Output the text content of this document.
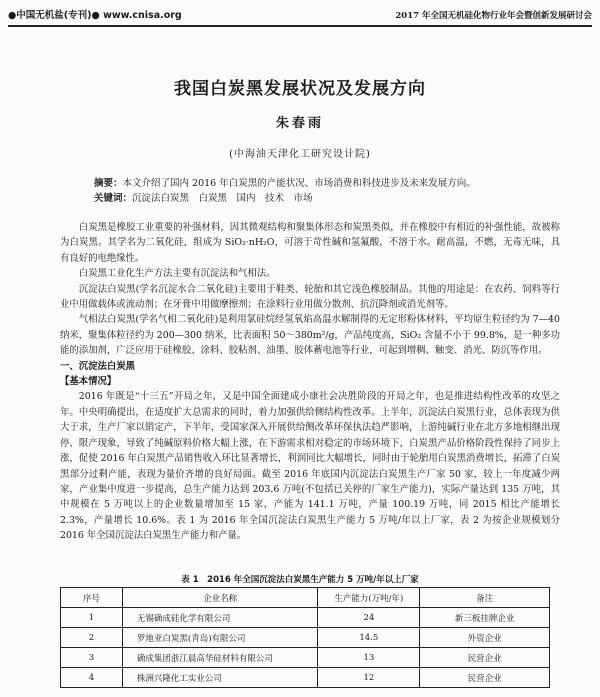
●中国无机盐(专刊)● www.cnisa.org	2017 年全国无机硅化物行业年会暨创新发展研讨会
我国白炭黑发展状况及发展方向
朱春雨
(中海油天津化工研究设计院)
摘要：本文介绍了国内 2016 年白炭黑的产能状况、市场消费和科技进步及未来发展方向。
关键词：沉淀法白炭黑　白炭黑　国内　技术　市场

白炭黑是橡胶工业重要的补强材料，因其微观结构和聚集体形态和炭黑类似，并在橡胶中有相近的补强性能，故被称为白炭黑。其学名为二氧化硅，组成为 SiO₂·nH₂O，可溶于苛性碱和氢氟酸，不溶于水。耐高温，不燃，无毒无味，具有良好的电绝缘性。

白炭黑工业化生产方法主要有沉淀法和气相法。

沉淀法白炭黑(学名沉淀水合二氧化硅)主要用于鞋类、轮胎和其它浅色橡胶制品。其他的用途是：在农药、饲料等行业中用做载体或流动剂；在牙膏中用做摩擦剂；在涂料行业用做分散剂、抗沉降剂或消光剂等。

气相法白炭黑(学名气相二氧化硅)是利用氯硅烷经氢氧焰高温水解制得的无定形粉体材料，平均原生粒径约为 7—40 纳米，聚集体粒径约为 200—300 纳米，比表面积 50～380m²/g，产品纯度高，SiO₂ 含量不小于 99.8%，是一种多功能的添加剂，广泛应用于硅橡胶、涂料、胶粘剂、油墨、胶体蓄电池等行业，可起到增稠、触变、消光、防沉等作用。

一、沉淀法白炭黑

【基本情况】

2016 年既是“十三五”开局之年，又是中国全面建成小康社会决胜阶段的开局之年，也是推进结构性改革的攻坚之年。中央明确提出，在适度扩大总需求的同时，着力加强供给侧结构性改革。上半年，沉淀法白炭黑行业，总体表现为供大于求，生产厂家以销定产，下半年，受国家深入开展供给侧改革环保执法趋严影响，上游纯碱行业在北方多地相继出现停、限产现象，导致了纯碱原料价格大幅上涨，在下游需求相对稳定的市场环境下，白炭黑产品价格阶段性保持了同步上涨，促使 2016 年白炭黑产品销售收入环比显著增长，利润同比大幅增长，同时由于轮胎用白炭黑消费增长，拓滞了白炭黑部分过剩产能，表现为量价齐增的良好局面。截至 2016 年底国内沉淀法白炭黑生产厂家 50 家，较上一年度减少两家，产业集中度进一步提高，总生产能力达到 203.6 万吨(不包括已关停的厂家生产能力)，实际产量达到 135 万吨，其中规模在 5 万吨以上的企业数量增加至 15 家，产能为 141.1 万吨，产量 100.19 万吨，同 2015 相比产能增长 2.3%，产量增长 10.6%。表 1 为 2016 年全国沉淀法白炭黑生产能力 5 万吨/年以上厂家，表 2 为按企业规模划分 2016 年全国沉淀法白炭黑生产能力和产量。

表 1　2016 年全国沉淀法白炭黑生产能力 5 万吨/年以上厂家
序号	企业名称	生产能力(万吨/年)	备注
1	无锡确成硅化学有限公司	24	新三板挂牌企业
2	罗地亚白炭黑(青岛)有限公司	14.5	外资企业
3	确成集团浙江晨高华硅材料有限公司	13	民营企业
4	株洲兴隆化工实业公司	12	民营企业
